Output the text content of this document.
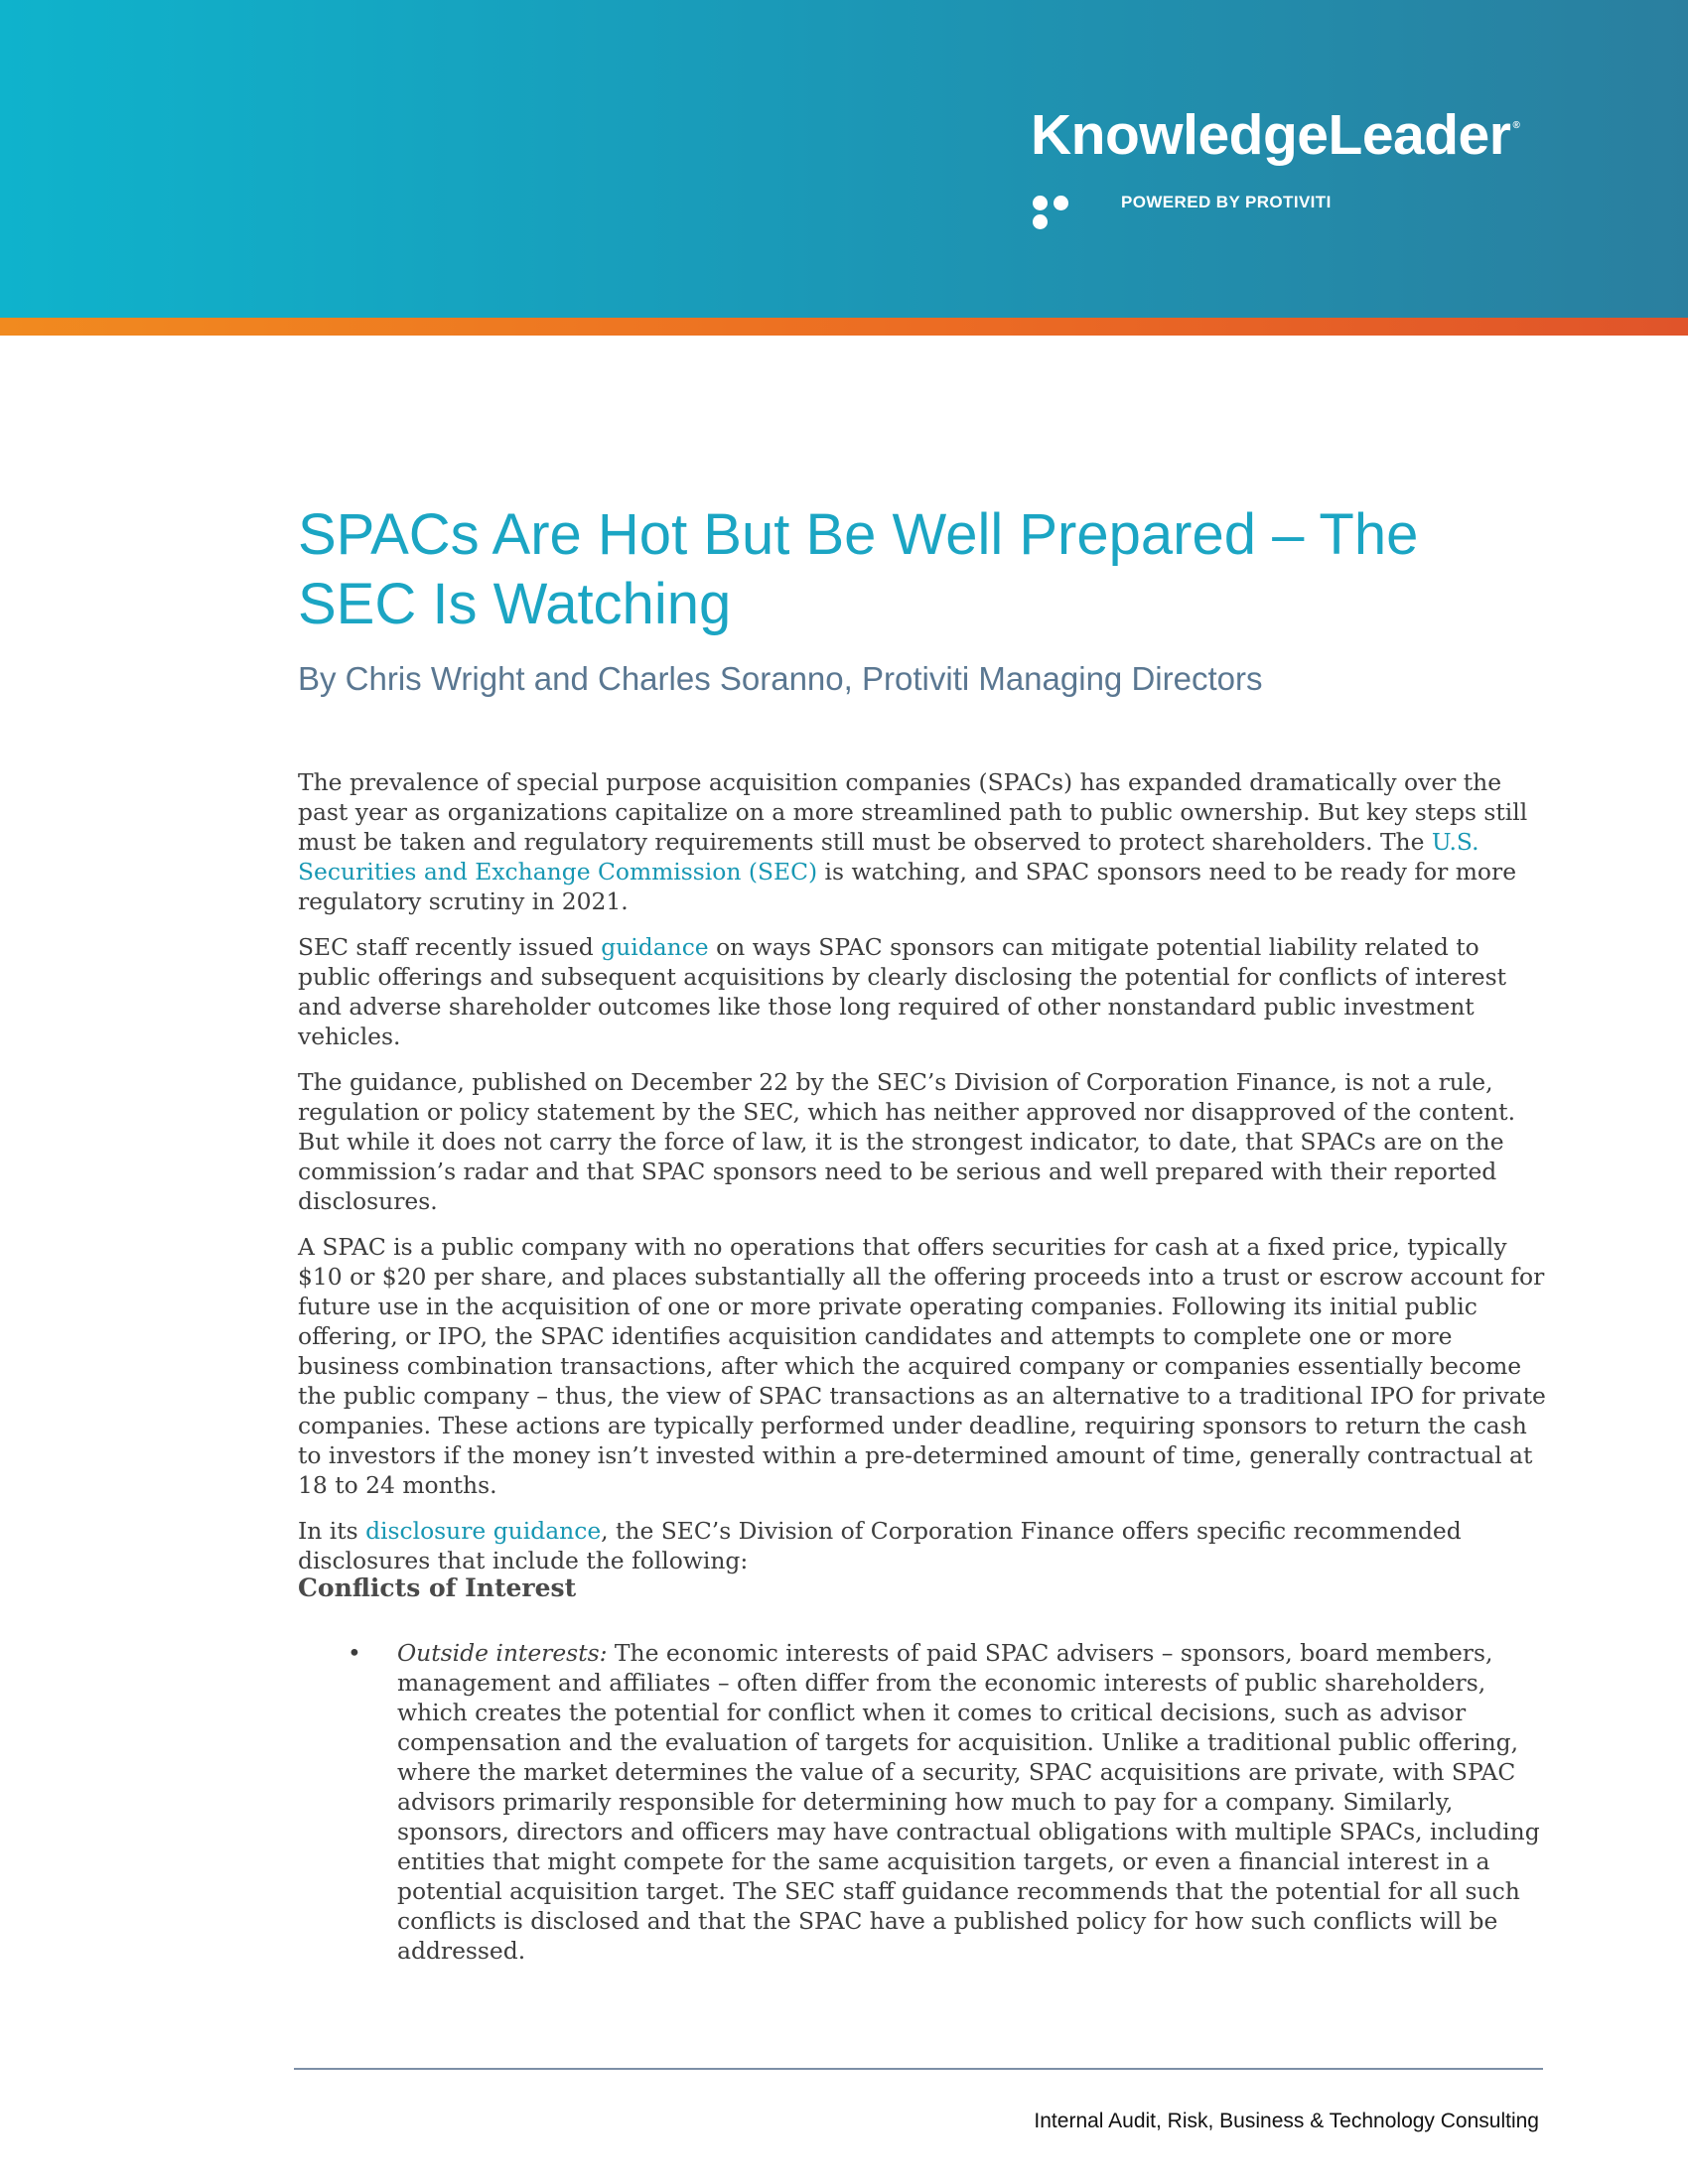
KnowledgeLeader ®
POWERED BY PROTIVITI
SPACs Are Hot But Be Well Prepared – The SEC Is Watching
By Chris Wright and Charles Soranno, Protiviti Managing Directors

The prevalence of special purpose acquisition companies (SPACs) has expanded dramatically over the past year as organizations capitalize on a more streamlined path to public ownership. But key steps still must be taken and regulatory requirements still must be observed to protect shareholders. The U.S. Securities and Exchange Commission (SEC) is watching, and SPAC sponsors need to be ready for more regulatory scrutiny in 2021.

SEC staff recently issued guidance on ways SPAC sponsors can mitigate potential liability related to public offerings and subsequent acquisitions by clearly disclosing the potential for conflicts of interest and adverse shareholder outcomes like those long required of other nonstandard public investment vehicles.

The guidance, published on December 22 by the SEC’s Division of Corporation Finance, is not a rule, regulation or policy statement by the SEC, which has neither approved nor disapproved of the content. But while it does not carry the force of law, it is the strongest indicator, to date, that SPACs are on the commission’s radar and that SPAC sponsors need to be serious and well prepared with their reported disclosures.

A SPAC is a public company with no operations that offers securities for cash at a fixed price, typically $10 or $20 per share, and places substantially all the offering proceeds into a trust or escrow account for future use in the acquisition of one or more private operating companies. Following its initial public offering, or IPO, the SPAC identifies acquisition candidates and attempts to complete one or more business combination transactions, after which the acquired company or companies essentially become the public company – thus, the view of SPAC transactions as an alternative to a traditional IPO for private companies. These actions are typically performed under deadline, requiring sponsors to return the cash to investors if the money isn’t invested within a pre-determined amount of time, generally contractual at 18 to 24 months.

In its disclosure guidance, the SEC’s Division of Corporation Finance offers specific recommended disclosures that include the following:

Conflicts of Interest
• Outside interests: The economic interests of paid SPAC advisers – sponsors, board members, management and affiliates – often differ from the economic interests of public shareholders, which creates the potential for conflict when it comes to critical decisions, such as advisor compensation and the evaluation of targets for acquisition. Unlike a traditional public offering, where the market determines the value of a security, SPAC acquisitions are private, with SPAC advisors primarily responsible for determining how much to pay for a company. Similarly, sponsors, directors and officers may have contractual obligations with multiple SPACs, including entities that might compete for the same acquisition targets, or even a financial interest in a potential acquisition target. The SEC staff guidance recommends that the potential for all such conflicts is disclosed and that the SPAC have a published policy for how such conflicts will be addressed.
Internal Audit, Risk, Business & Technology Consulting
